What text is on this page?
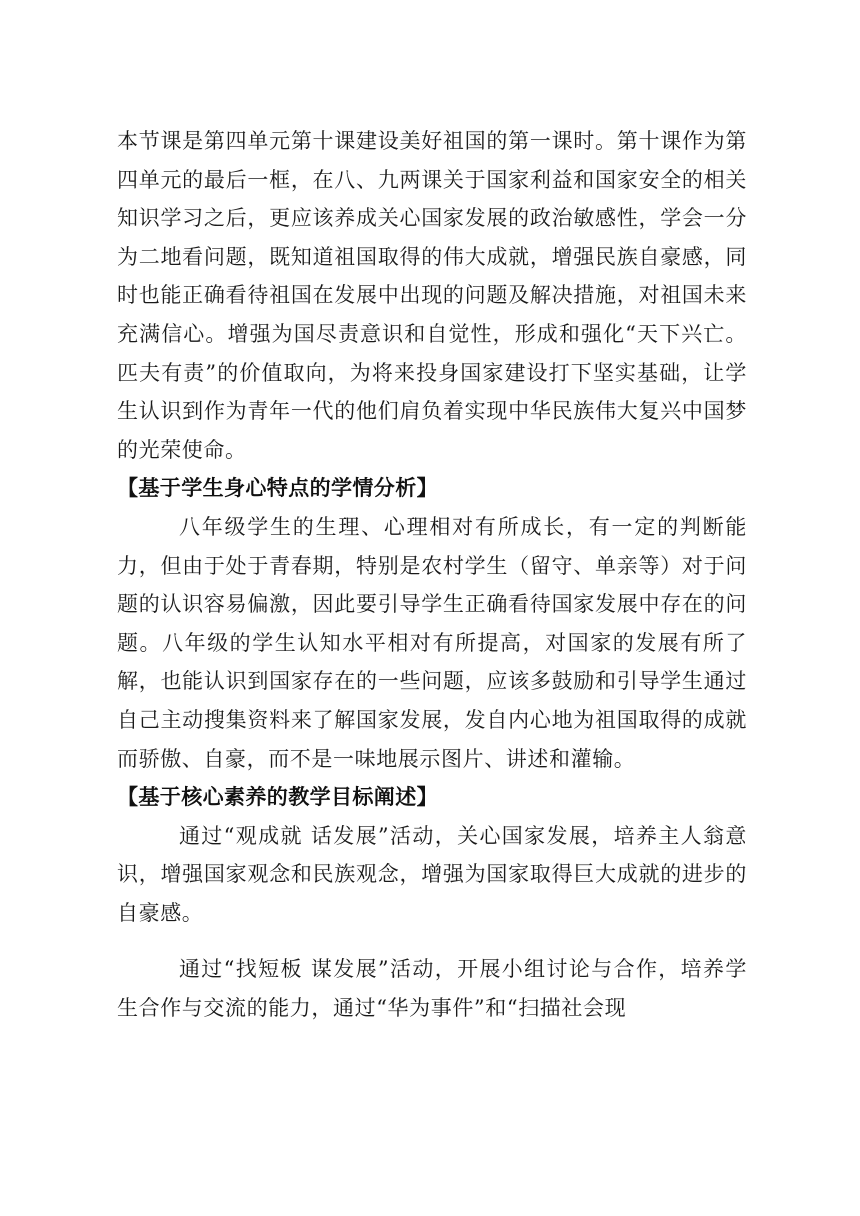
本节课是第四单元第十课建设美好祖国的第一课时。第十课作为第四单元的最后一框，在八、九两课关于国家利益和国家安全的相关知识学习之后，更应该养成关心国家发展的政治敏感性，学会一分为二地看问题，既知道祖国取得的伟大成就，增强民族自豪感，同时也能正确看待祖国在发展中出现的问题及解决措施，对祖国未来充满信心。增强为国尽责意识和自觉性，形成和强化“天下兴亡。匹夫有责”的价值取向，为将来投身国家建设打下坚实基础，让学生认识到作为青年一代的他们肩负着实现中华民族伟大复兴中国梦的光荣使命。

【基于学生身心特点的学情分析】

八年级学生的生理、心理相对有所成长，有一定的判断能力，但由于处于青春期，特别是农村学生（留守、单亲等）对于问题的认识容易偏激，因此要引导学生正确看待国家发展中存在的问题。八年级的学生认知水平相对有所提高，对国家的发展有所了解，也能认识到国家存在的一些问题，应该多鼓励和引导学生通过自己主动搜集资料来了解国家发展，发自内心地为祖国取得的成就而骄傲、自豪，而不是一味地展示图片、讲述和灌输。

【基于核心素养的教学目标阐述】

通过“观成就 话发展”活动，关心国家发展，培养主人翁意识，增强国家观念和民族观念，增强为国家取得巨大成就的进步的自豪感。

通过“找短板 谋发展”活动，开展小组讨论与合作，培养学生合作与交流的能力，通过“华为事件”和“扫描社会现
